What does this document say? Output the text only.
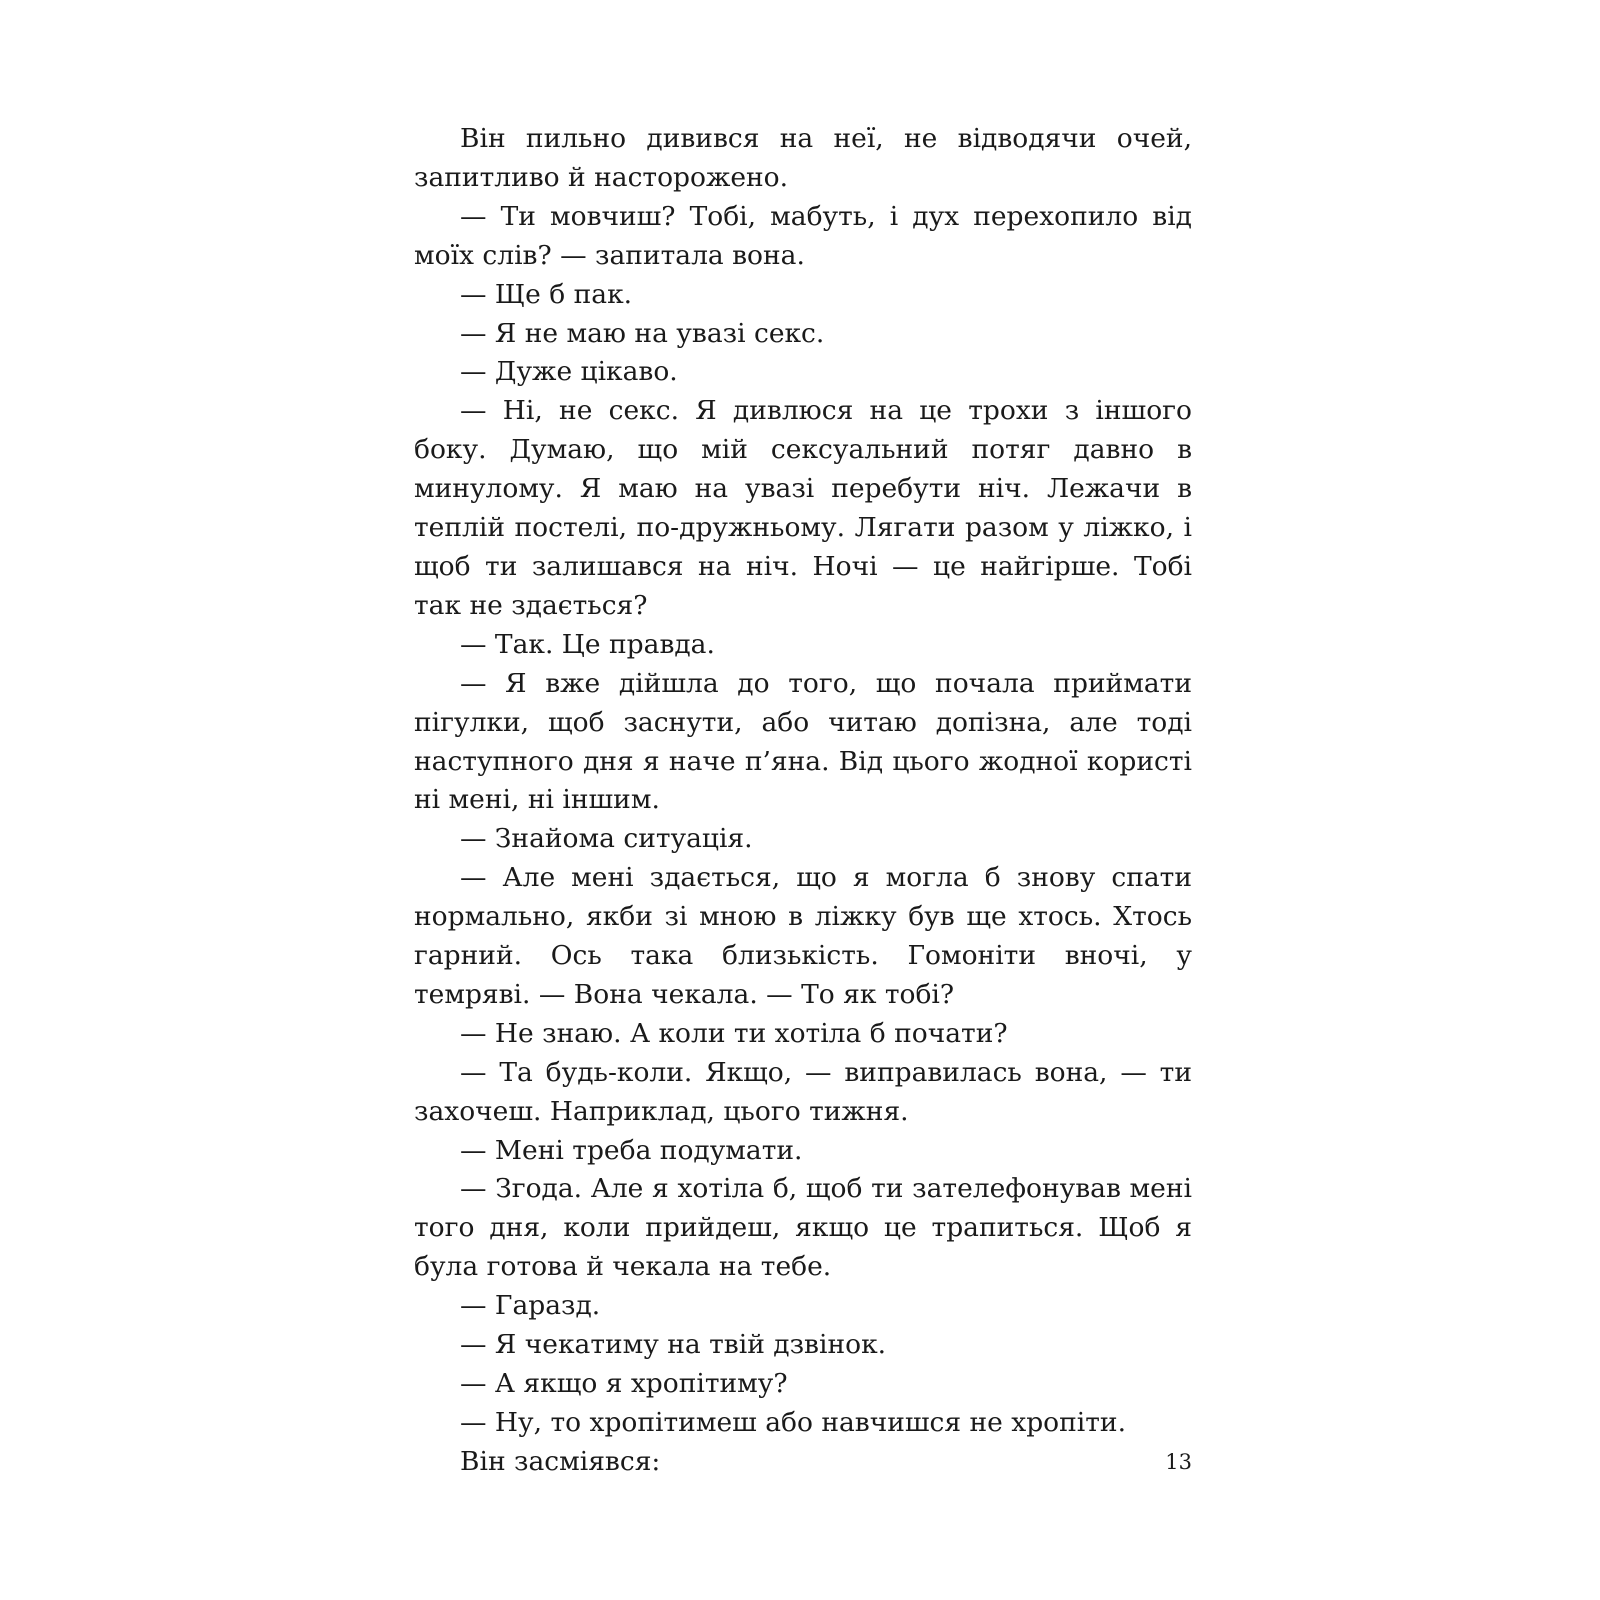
Він пильно дивився на неї, не відводячи очей, запитливо й насторожено.

— Ти мовчиш? Тобі, мабуть, і дух перехопило від моїх слів? — запитала вона.

— Ще б пак.

— Я не маю на увазі секс.

— Дуже цікаво.

— Ні, не секс. Я дивлюся на це трохи з іншого боку. Думаю, що мій сексуальний потяг давно в минулому. Я маю на увазі перебути ніч. Лежачи в теплій постелі, по-дружньому. Лягати разом у ліжко, і щоб ти залишався на ніч. Ночі — це найгірше. Тобі так не здається?

— Так. Це правда.

— Я вже дійшла до того, що почала приймати пігулки, щоб заснути, або читаю допізна, але тоді наступного дня я наче п’яна. Від цього жодної користі ні мені, ні іншим.

— Знайома ситуація.

— Але мені здається, що я могла б знову спати нормально, якби зі мною в ліжку був ще хтось. Хтось гарний. Ось така близькість. Гомоніти вночі, у темряві. — Вона чекала. — То як тобі?

— Не знаю. А коли ти хотіла б почати?

— Та будь-коли. Якщо, — виправилась вона, — ти захочеш. Наприклад, цього тижня.

— Мені треба подумати.

— Згода. Але я хотіла б, щоб ти зателефонував мені того дня, коли прийдеш, якщо це трапиться. Щоб я була готова й чекала на тебе.

— Гаразд.

— Я чекатиму на твій дзвінок.

— А якщо я хропітиму?

— Ну, то хропітимеш або навчишся не хропіти.

Він засміявся:	13
